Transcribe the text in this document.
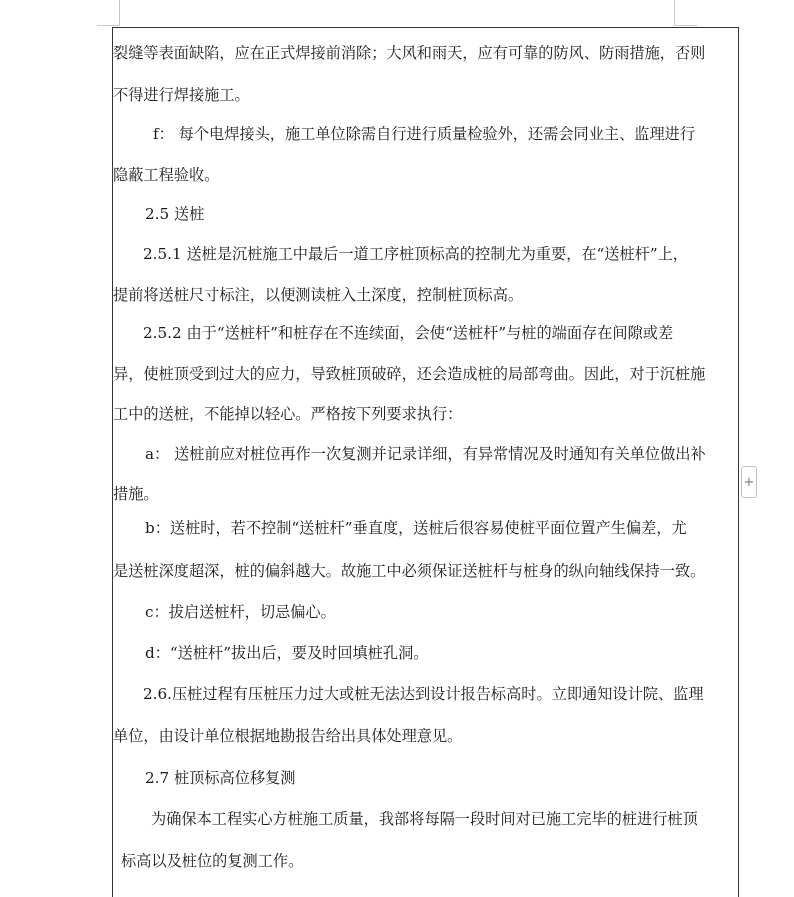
裂缝等表面缺陷，应在正式焊接前消除；大风和雨天，应有可靠的防风、防雨措施，否则
不得进行焊接施工。
f： 每个电焊接头，施工单位除需自行进行质量检验外，还需会同业主、监理进行
隐蔽工程验收。
2.5 送桩
2.5.1 送桩是沉桩施工中最后一道工序桩顶标高的控制尤为重要，在“送桩杆”上，
提前将送桩尺寸标注，以便测读桩入土深度，控制桩顶标高。
2.5.2 由于“送桩杆”和桩存在不连续面，会使“送桩杆”与桩的端面存在间隙或差
异，使桩顶受到过大的应力，导致桩顶破碎，还会造成桩的局部弯曲。因此，对于沉桩施
工中的送桩，不能掉以轻心。严格按下列要求执行：
a： 送桩前应对桩位再作一次复测并记录详细，有异常情况及时通知有关单位做出补
措施。
b：送桩时，若不控制“送桩杆”垂直度，送桩后很容易使桩平面位置产生偏差，尤
是送桩深度超深，桩的偏斜越大。故施工中必须保证送桩杆与桩身的纵向轴线保持一致。
c：拔启送桩杆，切忌偏心。
d：“送桩杆”拔出后，要及时回填桩孔洞。
2.6.压桩过程有压桩压力过大或桩无法达到设计报告标高时。立即通知设计院、监理
单位，由设计单位根据地勘报告给出具体处理意见。
2.7 桩顶标高位移复测
为确保本工程实心方桩施工质量，我部将每隔一段时间对已施工完毕的桩进行桩顶
标高以及桩位的复测工作。
+
